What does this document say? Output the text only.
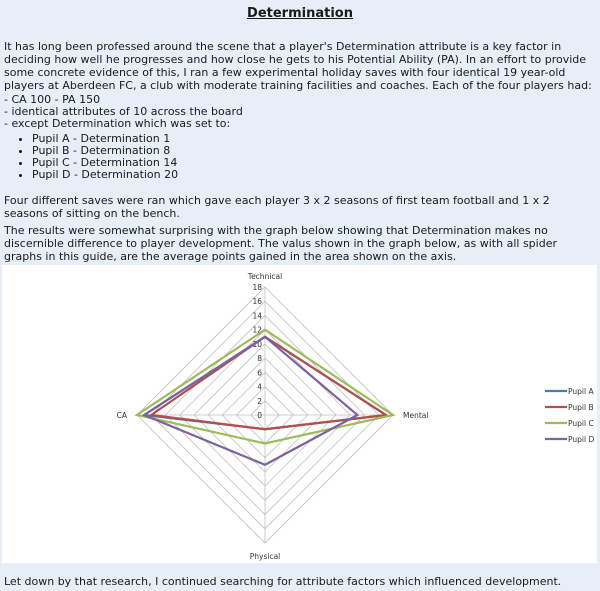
Determination

It has long been professed around the scene that a player's Determination attribute is a key factor in deciding how well he progresses and how close he gets to his Potential Ability (PA). In an effort to provide some concrete evidence of this, I ran a few experimental holiday saves with four identical 19 year-old players at Aberdeen FC, a club with moderate training facilities and coaches. Each of the four players had:

- CA 100 - PA 150

- identical attributes of 10 across the board

- except Determination which was set to:

• Pupil A - Determination 1
• Pupil B - Determination 8
• Pupil C - Determination 14
• Pupil D - Determination 20

Four different saves were ran which gave each player 3 x 2 seasons of first team football and 1 x 2 seasons of sitting on the bench.

The results were somewhat surprising with the graph below showing that Determination makes no discernible difference to player development. The valus shown in the graph below, as with all spider graphs in this guide, are the average points gained in the area shown on the axis.

0
2
4
6
8
10
12
14
16
18
Technical
Mental
Physical
CA
Pupil A
Pupil B
Pupil C
Pupil D

Let down by that research, I continued searching for attribute factors which influenced development.
